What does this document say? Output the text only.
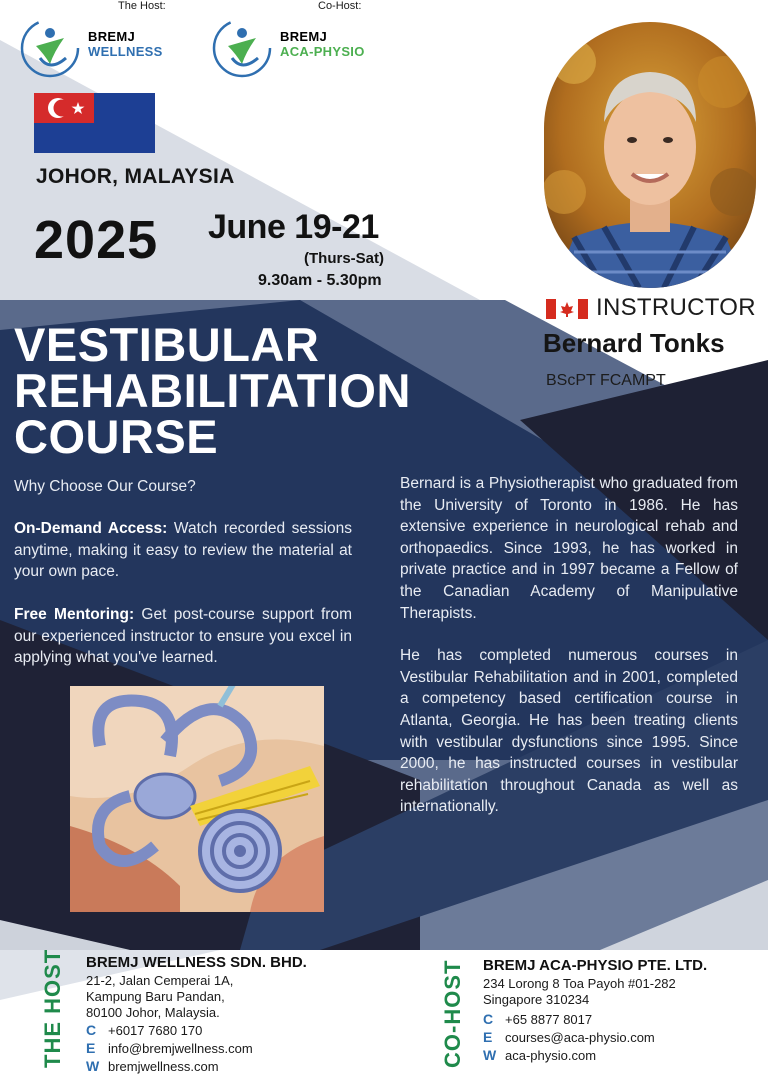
The Host:	Co-Host:
BREMJ
WELLNESS
BREMJ
ACA-PHYSIO
JOHOR, MALAYSIA
2025 June 19-21
(Thurs-Sat)
9.30am - 5.30pm
VESTIBULAR
REHABILITATION
COURSE
INSTRUCTOR
Bernard Tonks
BScPT FCAMPT
Why Choose Our Course?
On-Demand Access: Watch recorded sessions anytime, making it easy to review the material at your own pace.
Free Mentoring: Get post-course support from our experienced instructor to ensure you excel in applying what you've learned.

Bernard is a Physiotherapist who graduated from the University of Toronto in 1986. He has extensive experience in neurological rehab and orthopaedics. Since 1993, he has worked in private practice and in 1997 became a Fellow of the Canadian Academy of Manipulative Therapists.

He has completed numerous courses in Vestibular Rehabilitation and in 2001, completed a competency based certification course in Atlanta, Georgia. He has been treating clients with vestibular dysfunctions since 1995. Since 2000, he has instructed courses in vestibular rehabilitation throughout Canada as well as internationally.

THE HOST BREMJ WELLNESS SDN. BHD.
21-2, Jalan Cemperai 1A,
Kampung Baru Pandan,
80100 Johor, Malaysia.
C +6017 7680 170
E info@bremjwellness.com
W bremjwellness.com	CO-HOST BREMJ ACA-PHYSIO PTE. LTD.
234 Lorong 8 Toa Payoh #01-282
Singapore 310234
C +65 8877 8017
E courses@aca-physio.com
W aca-physio.com
